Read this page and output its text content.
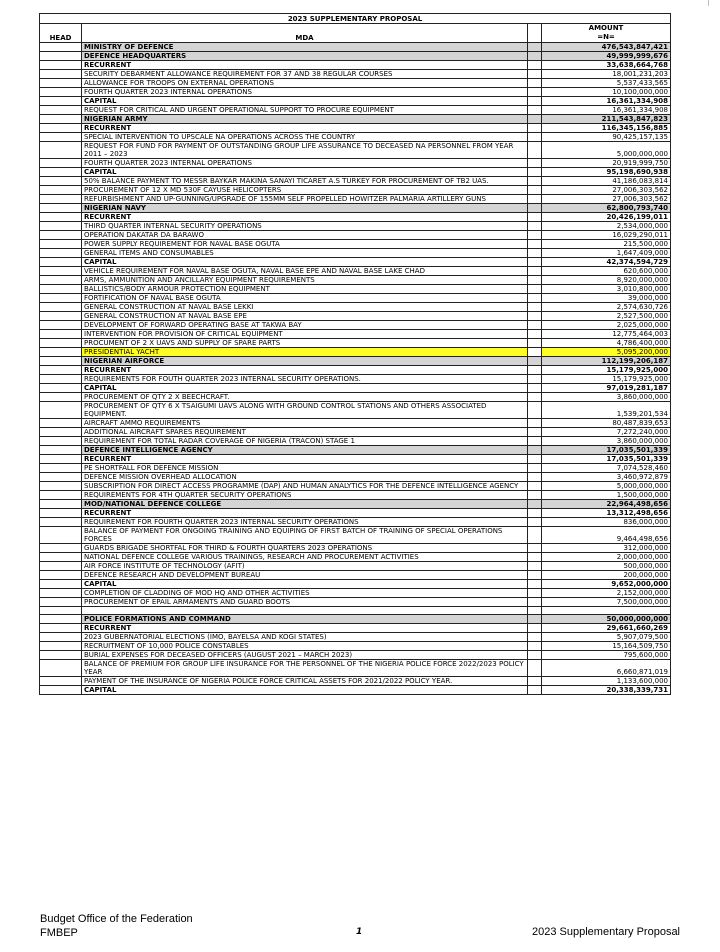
2023 SUPPLEMENTARY PROPOSAL			
HEAD	MDA		AMOUNT
=N=

	MINISTRY OF DEFENCE		476,543,847,421
	DEFENCE HEADQUARTERS		49,999,999,676
	RECURRENT		33,638,664,768
	SECURITY DEBARMENT ALLOWANCE REQUIREMENT FOR 37 AND 38 REGULAR COURSES		18,001,231,203
	ALLOWANCE FOR TROOPS ON EXTERNAL OPERATIONS		5,537,433,565
	FOURTH QUARTER 2023 INTERNAL OPERATIONS		10,100,000,000
	CAPITAL		16,361,334,908
	REQUEST FOR CRITICAL AND URGENT OPERATIONAL SUPPORT TO PROCURE EQUIPMENT		16,361,334,908
	NIGERIAN ARMY		211,543,847,823
	RECURRENT		116,345,156,885
	SPECIAL INTERVENTION TO UPSCALE NA OPERATIONS ACROSS THE COUNTRY		90,425,157,135
	REQUEST FOR FUND FOR PAYMENT OF OUTSTANDING GROUP LIFE ASSURANCE TO DECEASED NA PERSONNEL FROM YEAR 2011 – 2023		5,000,000,000
	FOURTH QUARTER 2023 INTERNAL OPERATIONS		20,919,999,750
	CAPITAL		95,198,690,938
	50% BALANCE PAYMENT TO MESSR BAYKAR MAKINA SANAYI TICARET A.S TURKEY FOR PROCUREMENT OF TB2 UAS.		41,186,083,814
	PROCUREMENT OF 12 X MD 530F CAYUSE HELICOPTERS		27,006,303,562
	REFURBISHMENT AND UP-GUNNING/UPGRADE OF 155MM SELF PROPELLED HOWITZER PALMARIA ARTILLERY GUNS		27,006,303,562
	NIGERIAN NAVY		62,800,793,740
	RECURRENT		20,426,199,011
	THIRD QUARTER INTERNAL SECURITY OPERATIONS		2,534,000,000
	OPERATION DAKATAR DA BARAWO		16,029,290,011
	POWER SUPPLY REQUIREMENT FOR NAVAL BASE OGUTA		215,500,000
	GENERAL ITEMS AND CONSUMABLES		1,647,409,000
	CAPITAL		42,374,594,729
	VEHICLE REQUIREMENT FOR NAVAL BASE OGUTA, NAVAL BASE EPE AND NAVAL BASE LAKE CHAD		620,600,000
	ARMS, AMMUNITION AND ANCILLARY EQUIPMENT REQUIREMENTS		8,920,000,000
	BALLISTICS/BODY ARMOUR PROTECTION EQUIPMENT		3,010,800,000
	FORTIFICATION OF NAVAL BASE OGUTA		39,000,000
	GENERAL CONSTRUCTION AT NAVAL BASE LEKKI		2,574,630,726
	GENERAL CONSTRUCTION AT NAVAL BASE EPE		2,527,500,000
	DEVELOPMENT OF FORWARD OPERATING BASE AT TAKWA BAY		2,025,000,000
	INTERVENTION FOR PROVISION OF CRITICAL EQUIPMENT		12,775,464,003
	PROCUMENT OF 2 X UAVS AND SUPPLY OF SPARE PARTS		4,786,400,000
	PRESIDENTIAL YACHT		5,095,200,000
	NIGERIAN AIRFORCE		112,199,206,187
	RECURRENT		15,179,925,000
	REQUIREMENTS FOR FOUTH QUARTER 2023 INTERNAL SECURITY OPERATIONS.		15,179,925,000
	CAPITAL		97,019,281,187
	PROCUREMENT OF QTY 2 X BEECHCRAFT.		3,860,000,000
	PROCUREMENT OF QTY 6 X TSAIGUMI UAVS ALONG WITH GROUND CONTROL STATIONS AND OTHERS ASSOCIATED EQUIPMENT.		1,539,201,534
	AIRCRAFT AMMO REQUIREMENTS		80,487,839,653
	ADDITIONAL AIRCRAFT SPARES REQUIREMENT		7,272,240,000
	REQUIREMENT FOR TOTAL RADAR COVERAGE OF NIGERIA (TRACON) STAGE 1		3,860,000,000
	DEFENCE INTELLIGENCE AGENCY		17,035,501,339
	RECURRENT		17,035,501,339
	PE SHORTFALL FOR DEFENCE MISSION		7,074,528,460
	DEFENCE MISSION OVERHEAD ALLOCATION		3,460,972,879
	SUBSCRIPTION FOR DIRECT ACCESS PROGRAMME (DAP) AND HUMAN ANALYTICS FOR THE DEFENCE INTELLIGENCE AGENCY		5,000,000,000
	REQUIREMENTS FOR 4TH QUARTER SECURITY OPERATIONS		1,500,000,000
	MOD/NATIONAL DEFENCE COLLEGE		22,964,498,656
	RECURRENT		13,312,498,656
	REQUIREMENT FOR FOURTH QUARTER 2023 INTERNAL SECURITY OPERATIONS		836,000,000
	BALANCE OF PAYMENT FOR ONGOING TRAINING AND EQUIPING OF FIRST BATCH OF TRAINING OF SPECIAL OPERATIONS FORCES		9,464,498,656
	GUARDS BRIGADE SHORTFAL FOR THIRD & FOURTH QUARTERS 2023 OPERATIONS		312,000,000
	NATIONAL DEFENCE COLLEGE VARIOUS TRAININGS, RESEARCH AND PROCUREMENT ACTIVITIES		2,000,000,000
	AIR FORCE INSTITUTE OF TECHNOLOGY (AFIT)		500,000,000
	DEFENCE RESEARCH AND DEVELOPMENT BUREAU		200,000,000
	CAPITAL		9,652,000,000
	COMPLETION OF CLADDING OF MOD HQ AND OTHER ACTIVITIES		2,152,000,000
	PROCUREMENT OF EPAIL ARMAMENTS AND GUARD BOOTS		7,500,000,000

	POLICE FORMATIONS AND COMMAND		50,000,000,000
	RECURRENT		29,661,660,269
	2023 GUBERNATORIAL ELECTIONS (IMO, BAYELSA AND KOGI STATES)		5,907,079,500
	RECRUITMENT OF 10,000 POLICE CONSTABLES		15,164,509,750
	BURIAL EXPENSES FOR DECEASED OFFICERS (AUGUST 2021 – MARCH 2023)		795,600,000
	BALANCE OF PREMIUM FOR GROUP LIFE INSURANCE FOR THE PERSONNEL OF THE NIGERIA POLICE FORCE 2022/2023 POLICY YEAR		6,660,871,019
	PAYMENT OF THE INSURANCE OF NIGERIA POLICE FORCE CRITICAL ASSETS FOR 2021/2022 POLICY YEAR.		1,133,600,000
	CAPITAL		20,338,339,731
Budget Office of the Federation
FMBEP	1	2023 Supplementary Proposal
